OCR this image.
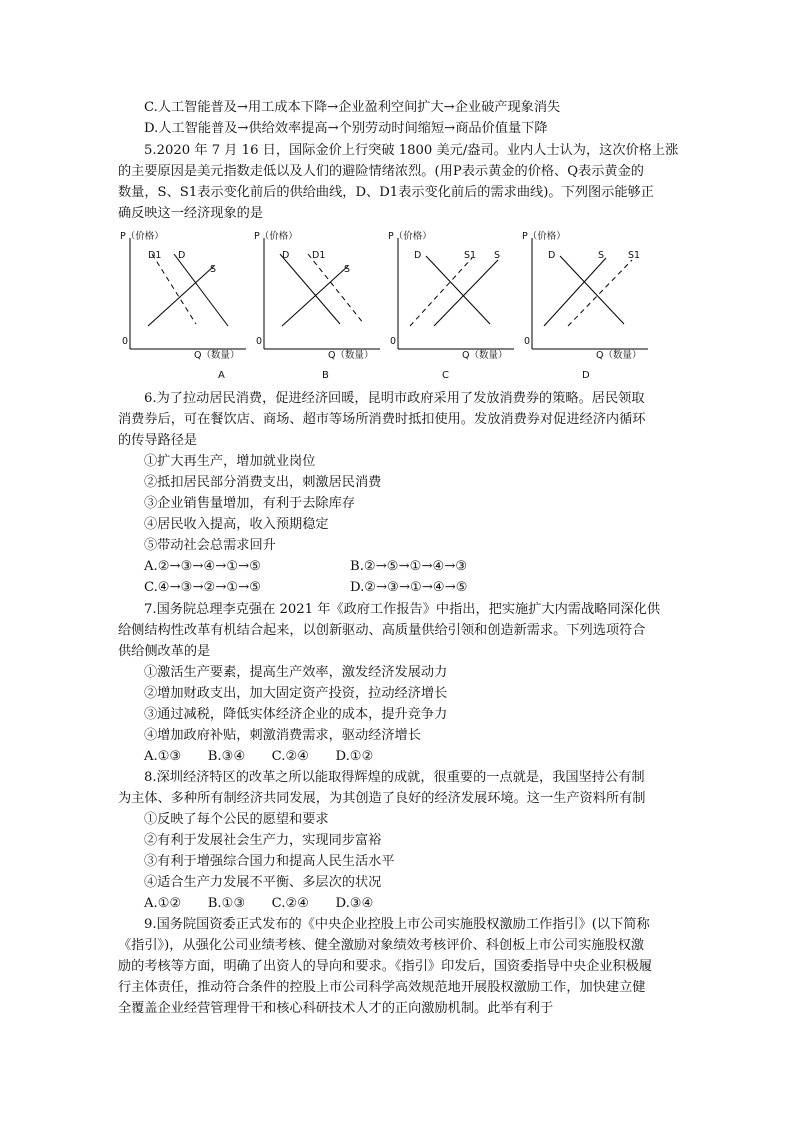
C.人工智能普及→用工成本下降→企业盈利空间扩大→企业破产现象消失
D.人工智能普及→供给效率提高→个别劳动时间缩短→商品价值量下降
5.2020 年 7 月 16 日，国际金价上行突破 1800 美元/盎司。业内人士认为，这次价格上涨
的主要原因是美元指数走低以及人们的避险情绪浓烈。(用P表示黄金的价格、Q表示黄金的
数量，S、S1表示变化前后的供给曲线，D、D1表示变化前后的需求曲线)。下列图示能够正
确反映这一经济现象的是
P（价格）
0
Q（数量）
D1 D
S
A
P（价格）
0
Q（数量）
D D1
S
B
P（价格）
0
Q（数量）
D	S1 S
C
P（价格）
0
Q（数量）
D	S	S1
D
6.为了拉动居民消费，促进经济回暖，昆明市政府采用了发放消费券的策略。居民领取
消费券后，可在餐饮店、商场、超市等场所消费时抵扣使用。发放消费券对促进经济内循环
的传导路径是
①扩大再生产，增加就业岗位
②抵扣居民部分消费支出，刺激居民消费
③企业销售量增加，有利于去除库存
④居民收入提高，收入预期稳定
⑤带动社会总需求回升
A.②→③→④→①→⑤	B.②→⑤→①→④→③
C.④→③→②→①→⑤	D.②→③→①→④→⑤
7.国务院总理李克强在 2021 年《政府工作报告》中指出，把实施扩大内需战略同深化供
给侧结构性改革有机结合起来，以创新驱动、高质量供给引领和创造新需求。下列选项符合
供给侧改革的是
①激活生产要素，提高生产效率，激发经济发展动力
②增加财政支出，加大固定资产投资，拉动经济增长
③通过减税，降低实体经济企业的成本，提升竞争力
④增加政府补贴，刺激消费需求，驱动经济增长
A.①③　　B.③④　　C.②④　　D.①②
8.深圳经济特区的改革之所以能取得辉煌的成就，很重要的一点就是，我国坚持公有制
为主体、多种所有制经济共同发展，为其创造了良好的经济发展环境。这一生产资料所有制
①反映了每个公民的愿望和要求
②有利于发展社会生产力，实现同步富裕
③有利于增强综合国力和提高人民生活水平
④适合生产力发展不平衡、多层次的状况
A.①②　　B.①③　　C.②④　　D.③④
9.国务院国资委正式发布的《中央企业控股上市公司实施股权激励工作指引》(以下简称
《指引》)，从强化公司业绩考核、健全激励对象绩效考核评价、科创板上市公司实施股权激
励的考核等方面，明确了出资人的导向和要求。《指引》印发后，国资委指导中央企业积极履
行主体责任，推动符合条件的控股上市公司科学高效规范地开展股权激励工作，加快建立健
全覆盖企业经营管理骨干和核心科研技术人才的正向激励机制。此举有利于
